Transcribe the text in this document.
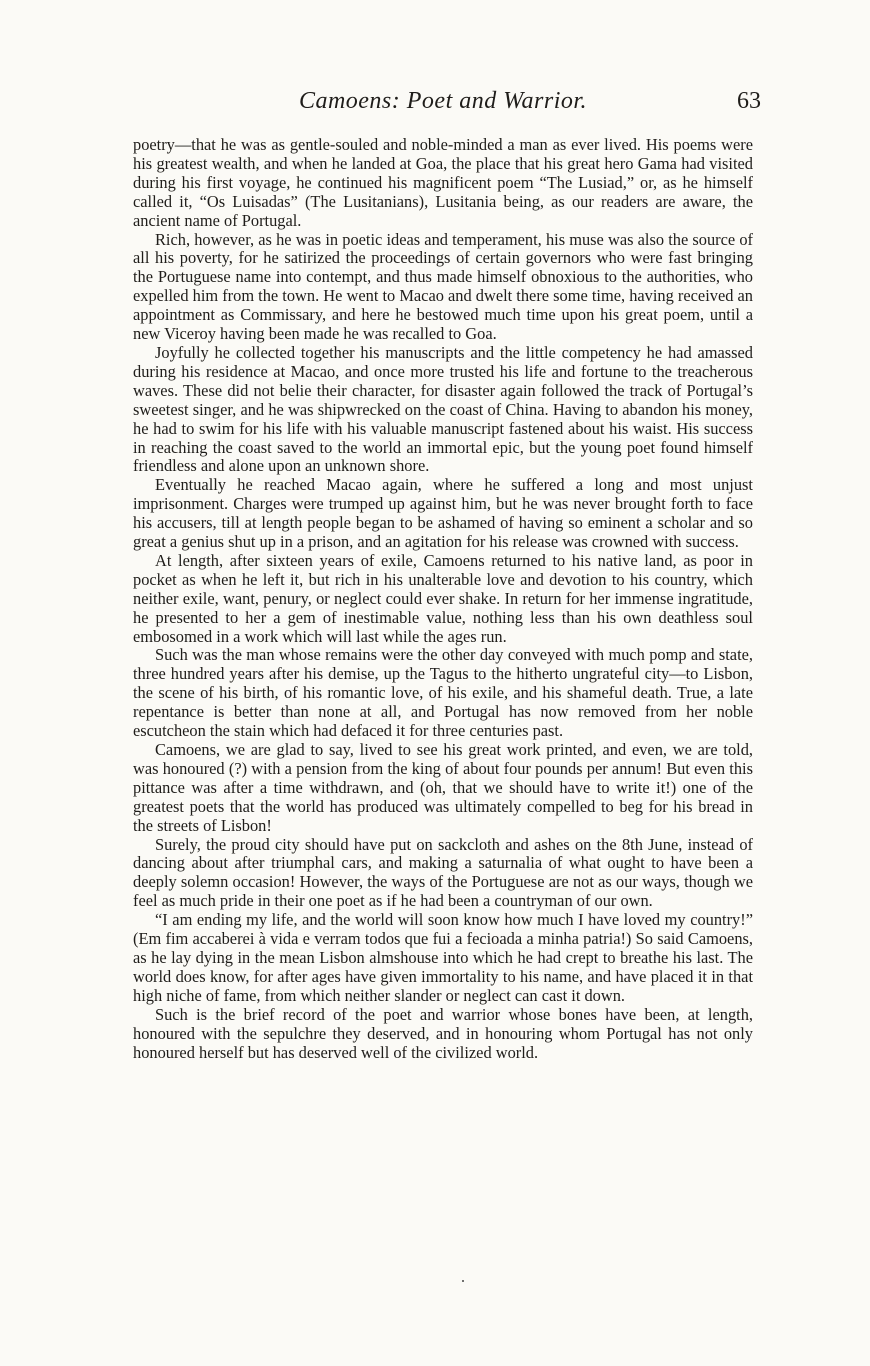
Camoens: Poet and Warrior.	63

poetry—that he was as gentle-souled and noble-minded a man as ever lived. His poems were his greatest wealth, and when he landed at Goa, the place that his great hero Gama had visited during his first voyage, he continued his magnificent poem “The Lusiad,” or, as he himself called it, “Os Luisadas” (The Lusitanians), Lusitania being, as our readers are aware, the ancient name of Portugal.

Rich, however, as he was in poetic ideas and temperament, his muse was also the source of all his poverty, for he satirized the proceedings of certain governors who were fast bringing the Portuguese name into contempt, and thus made himself obnoxious to the authorities, who expelled him from the town. He went to Macao and dwelt there some time, having received an appointment as Commissary, and here he bestowed much time upon his great poem, until a new Viceroy having been made he was recalled to Goa.

Joyfully he collected together his manuscripts and the little competency he had amassed during his residence at Macao, and once more trusted his life and fortune to the treacherous waves. These did not belie their character, for disaster again followed the track of Portugal’s sweetest singer, and he was shipwrecked on the coast of China. Having to abandon his money, he had to swim for his life with his valuable manuscript fastened about his waist. His success in reaching the coast saved to the world an immortal epic, but the young poet found himself friendless and alone upon an unknown shore.

Eventually he reached Macao again, where he suffered a long and most unjust imprisonment. Charges were trumped up against him, but he was never brought forth to face his accusers, till at length people began to be ashamed of having so eminent a scholar and so great a genius shut up in a prison, and an agitation for his release was crowned with success.

At length, after sixteen years of exile, Camoens returned to his native land, as poor in pocket as when he left it, but rich in his unalterable love and devotion to his country, which neither exile, want, penury, or neglect could ever shake. In return for her immense ingratitude, he presented to her a gem of inestimable value, nothing less than his own deathless soul embosomed in a work which will last while the ages run.

Such was the man whose remains were the other day conveyed with much pomp and state, three hundred years after his demise, up the Tagus to the hitherto ungrateful city—to Lisbon, the scene of his birth, of his romantic love, of his exile, and his shameful death. True, a late repentance is better than none at all, and Portugal has now removed from her noble escutcheon the stain which had defaced it for three centuries past.

Camoens, we are glad to say, lived to see his great work printed, and even, we are told, was honoured (?) with a pension from the king of about four pounds per annum! But even this pittance was after a time withdrawn, and (oh, that we should have to write it!) one of the greatest poets that the world has produced was ultimately compelled to beg for his bread in the streets of Lisbon!

Surely, the proud city should have put on sackcloth and ashes on the 8th June, instead of dancing about after triumphal cars, and making a saturnalia of what ought to have been a deeply solemn occasion! However, the ways of the Portuguese are not as our ways, though we feel as much pride in their one poet as if he had been a countryman of our own.

“I am ending my life, and the world will soon know how much I have loved my country!” (Em fim accaberei à vida e verram todos que fui a fecioada a minha patria!) So said Camoens, as he lay dying in the mean Lisbon almshouse into which he had crept to breathe his last. The world does know, for after ages have given immortality to his name, and have placed it in that high niche of fame, from which neither slander or neglect can cast it down.

Such is the brief record of the poet and warrior whose bones have been, at length, honoured with the sepulchre they deserved, and in honouring whom Portugal has not only honoured herself but has deserved well of the civilized world.
